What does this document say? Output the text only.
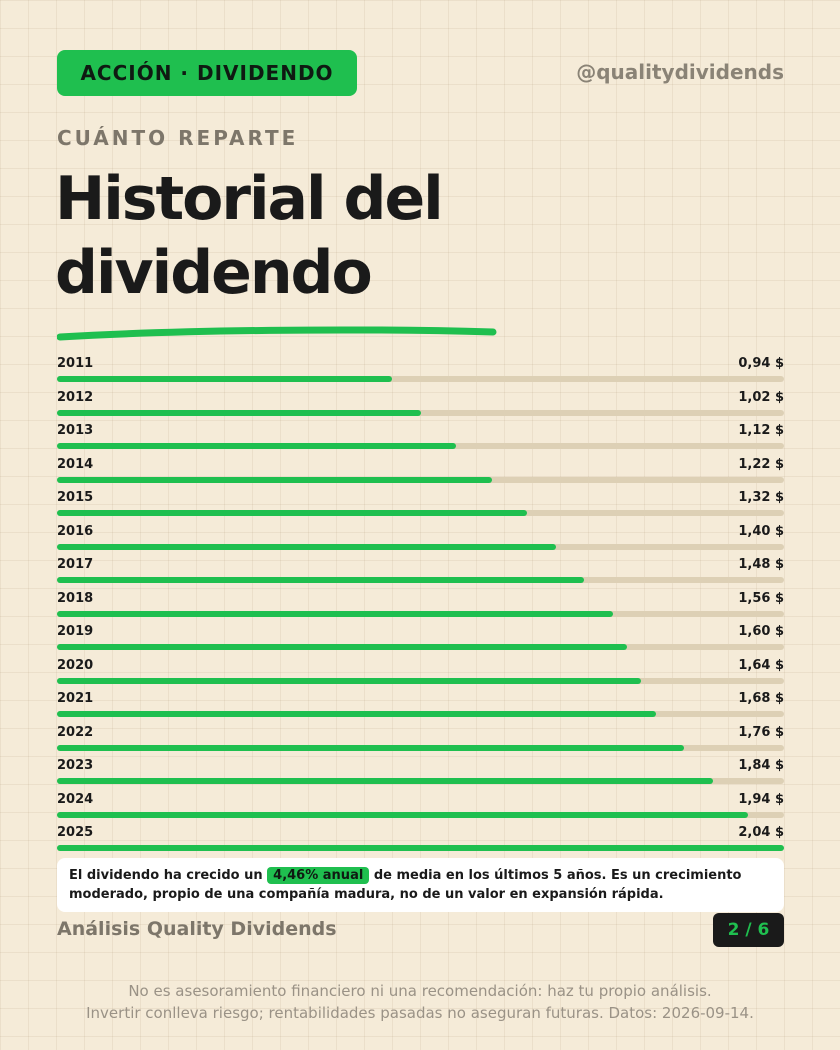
ACCIÓN · DIVIDENDO	@qualitydividends
CUÁNTO REPARTE
Historial del
dividendo
2011	0,94 $
2012	1,02 $
2013	1,12 $
2014	1,22 $
2015	1,32 $
2016	1,40 $
2017	1,48 $
2018	1,56 $
2019	1,60 $
2020	1,64 $
2021	1,68 $
2022	1,76 $
2023	1,84 $
2024	1,94 $
2025	2,04 $
El dividendo ha crecido un 4,46% anual de media en los últimos 5 años. Es un crecimiento moderado, propio de una compañía madura, no de un valor en expansión rápida.
Análisis Quality Dividends	2 / 6
No es asesoramiento financiero ni una recomendación: haz tu propio análisis.
Invertir conlleva riesgo; rentabilidades pasadas no aseguran futuras. Datos: 2026-09-14.
